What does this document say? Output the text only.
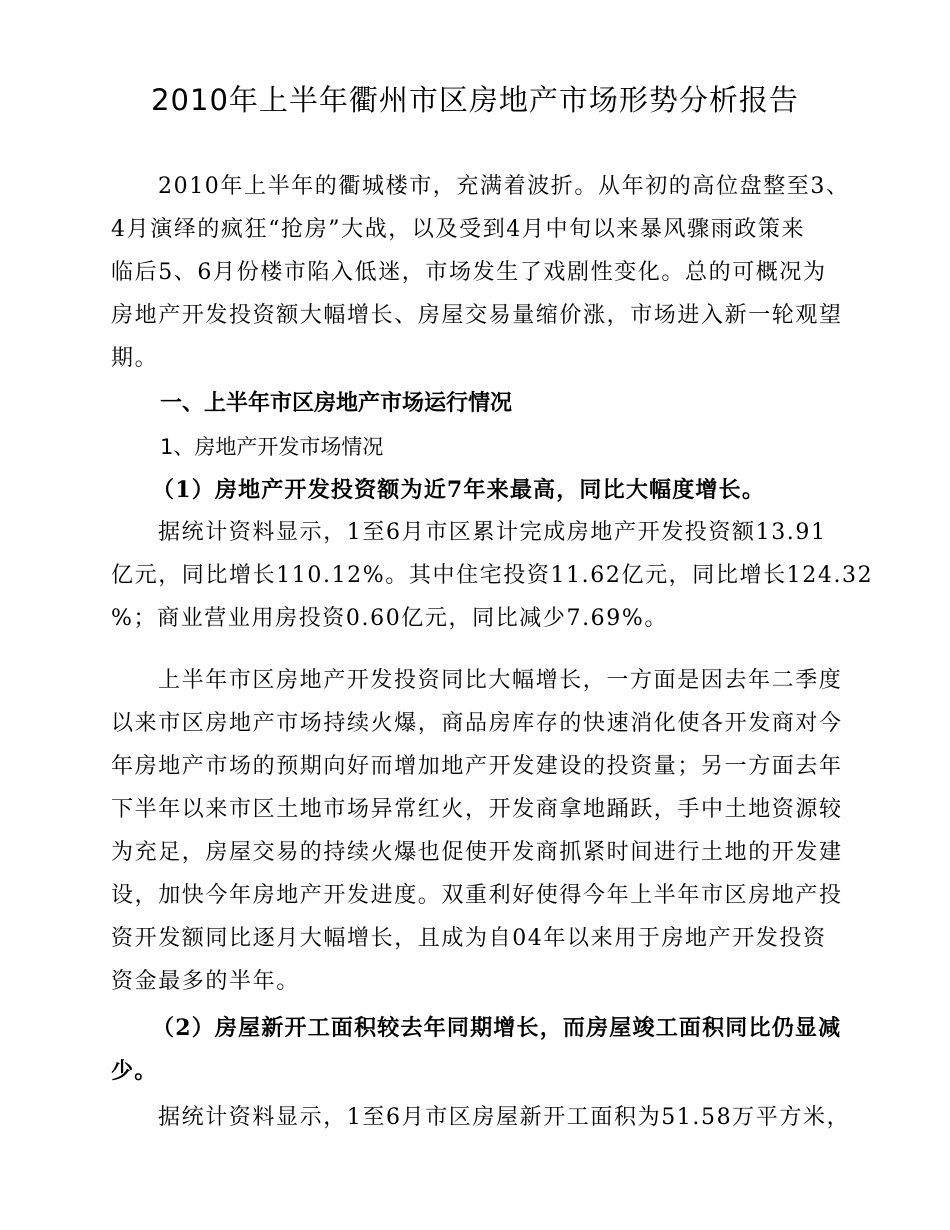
2010年上半年衢州市区房地产市场形势分析报告
2010年上半年的衢城楼市，充满着波折。从年初的高位盘整至3、
4月演绎的疯狂“抢房”大战，以及受到4月中旬以来暴风骤雨政策来
临后5、6月份楼市陷入低迷，市场发生了戏剧性变化。总的可概况为
房地产开发投资额大幅增长、房屋交易量缩价涨，市场进入新一轮观望
期。
一、上半年市区房地产市场运行情况
1、房地产开发市场情况
（1）房地产开发投资额为近7年来最高，同比大幅度增长。
据统计资料显示，1至6月市区累计完成房地产开发投资额13.91
亿元，同比增长110.12%。其中住宅投资11.62亿元，同比增长124.32
%；商业营业用房投资0.60亿元，同比减少7.69%。
上半年市区房地产开发投资同比大幅增长，一方面是因去年二季度
以来市区房地产市场持续火爆，商品房库存的快速消化使各开发商对今
年房地产市场的预期向好而增加地产开发建设的投资量；另一方面去年
下半年以来市区土地市场异常红火，开发商拿地踊跃，手中土地资源较
为充足，房屋交易的持续火爆也促使开发商抓紧时间进行土地的开发建
设，加快今年房地产开发进度。双重利好使得今年上半年市区房地产投
资开发额同比逐月大幅增长，且成为自04年以来用于房地产开发投资
资金最多的半年。
（2）房屋新开工面积较去年同期增长，而房屋竣工面积同比仍显减
少。
据统计资料显示，1至6月市区房屋新开工面积为51.58万平方米，
